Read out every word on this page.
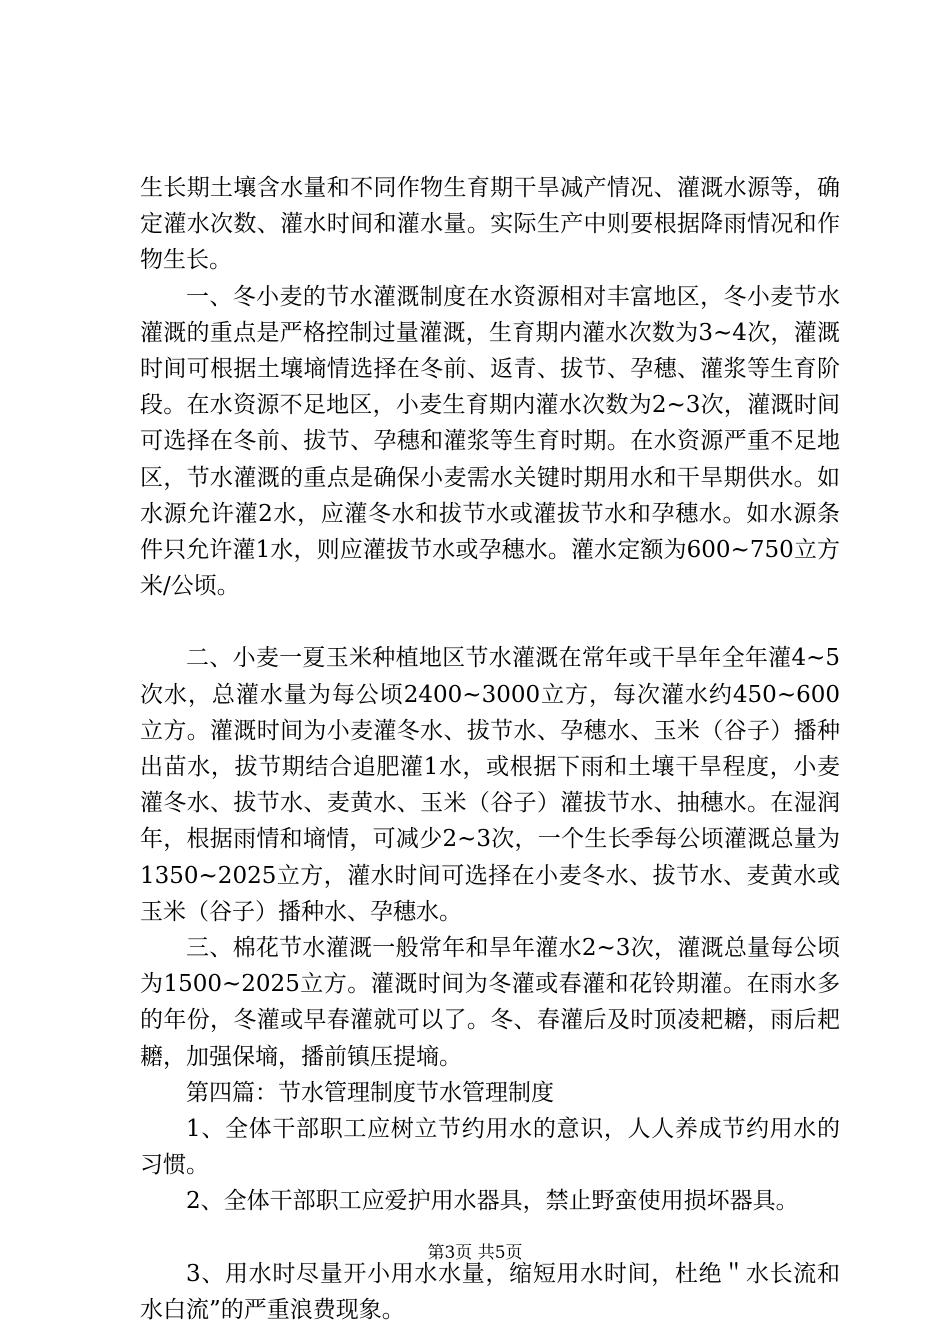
生长期土壤含水量和不同作物生育期干旱减产情况、灌溉水源等，确定灌水次数、灌水时间和灌水量。实际生产中则要根据降雨情况和作物生长。

一、冬小麦的节水灌溉制度在水资源相对丰富地区，冬小麦节水灌溉的重点是严格控制过量灌溉，生育期内灌水次数为3~4次，灌溉时间可根据土壤墒情选择在冬前、返青、拔节、孕穗、灌浆等生育阶段。在水资源不足地区，小麦生育期内灌水次数为2~3次，灌溉时间可选择在冬前、拔节、孕穗和灌浆等生育时期。在水资源严重不足地区，节水灌溉的重点是确保小麦需水关键时期用水和干旱期供水。如水源允许灌2水，应灌冬水和拔节水或灌拔节水和孕穗水。如水源条件只允许灌1水，则应灌拔节水或孕穗水。灌水定额为600~750立方米/公顷。

二、小麦一夏玉米种植地区节水灌溉在常年或干旱年全年灌4~5次水，总灌水量为每公顷2400~3000立方，每次灌水约450~600立方。灌溉时间为小麦灌冬水、拔节水、孕穗水、玉米（谷子）播种出苗水，拔节期结合追肥灌1水，或根据下雨和土壤干旱程度，小麦灌冬水、拔节水、麦黄水、玉米（谷子）灌拔节水、抽穗水。在湿润年，根据雨情和墒情，可减少2~3次，一个生长季每公顷灌溉总量为1350~2025立方，灌水时间可选择在小麦冬水、拔节水、麦黄水或玉米（谷子）播种水、孕穗水。

三、棉花节水灌溉一般常年和旱年灌水2~3次，灌溉总量每公顷为1500~2025立方。灌溉时间为冬灌或春灌和花铃期灌。在雨水多的年份，冬灌或早春灌就可以了。冬、春灌后及时顶凌耙耱，雨后耙耱，加强保墒，播前镇压提墒。

第四篇：节水管理制度节水管理制度

1、全体干部职工应树立节约用水的意识，人人养成节约用水的习惯。

2、全体干部职工应爱护用水器具，禁止野蛮使用损坏器具。

3、用水时尽量开小用水水量，缩短用水时间，杜绝＂水长流和水白流”的严重浪费现象。

第3页 共5页
